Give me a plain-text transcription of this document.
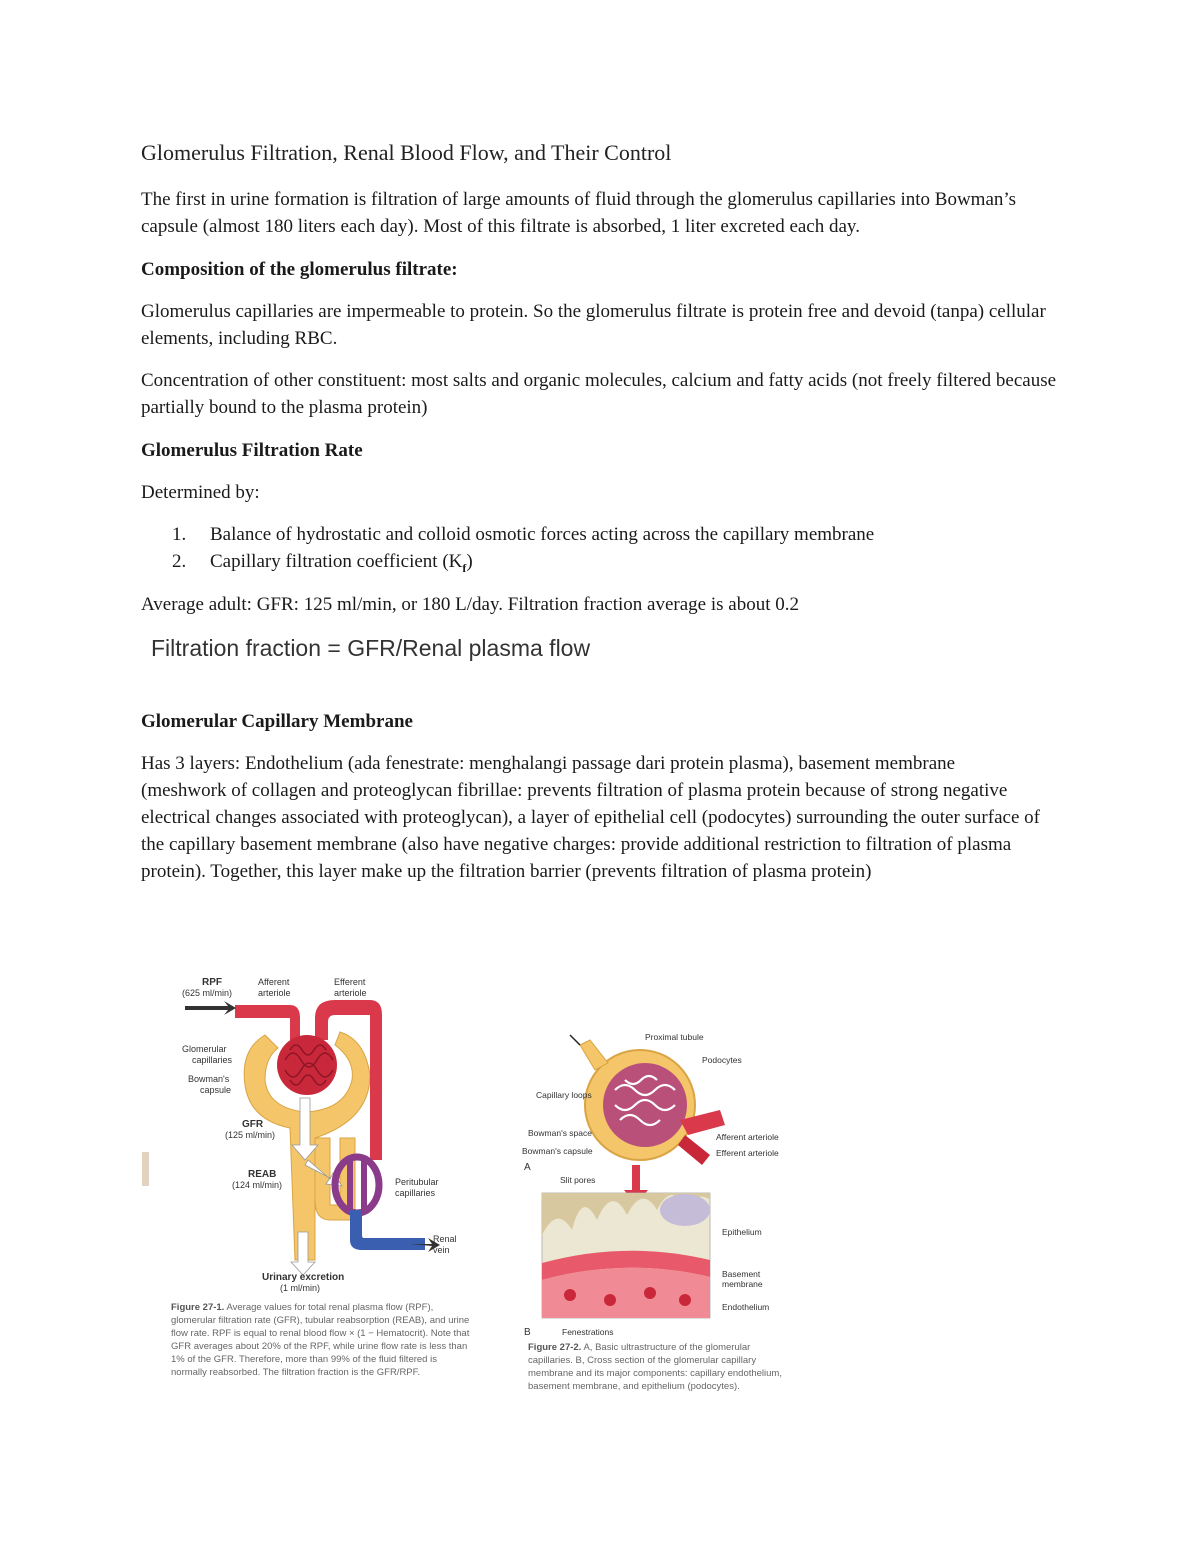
Glomerulus Filtration, Renal Blood Flow, and Their Control

The first in urine formation is filtration of large amounts of fluid through the glomerulus capillaries into Bowman’s capsule (almost 180 liters each day). Most of this filtrate is absorbed, 1 liter excreted each day.

Composition of the glomerulus filtrate:
Glomerulus capillaries are impermeable to protein. So the glomerulus filtrate is protein free and devoid (tanpa) cellular elements, including RBC.
Concentration of other constituent: most salts and organic molecules, calcium and fatty acids (not freely filtered because partially bound to the plasma protein)
Glomerulus Filtration Rate
Determined by:
1. Balance of hydrostatic and colloid osmotic forces acting across the capillary membrane
2. Capillary filtration coefficient $(K_f)$
Average adult: GFR: 125 ml/min, or 180 L/day. Filtration fraction average is about 0.2
Filtration fraction = GFR/Renal plasma flow
Glomerular Capillary Membrane
Has 3 layers: Endothelium (ada fenestrate: menghalangi passage dari protein plasma), basement membrane (meshwork of collagen and proteoglycan fibrillae: prevents filtration of plasma protein because of strong negative electrical changes associated with proteoglycan), a layer of epithelial cell (podocytes) surrounding the outer surface of the capillary basement membrane (also have negative charges: provide additional restriction to filtration of plasma protein). Together, this layer make up the filtration barrier (prevents filtration of plasma protein)
RPF
(625 ml/min)
Afferent
arteriole
Efferent
arteriole
Glomerular
capillaries
Bowman's
capsule
GFR
(125 ml/min)
REAB
(124 ml/min)	Peritubular
capillaries
Renal
vein
Urinary excretion
(1 ml/min)
Figure 27-1. Average values for total renal plasma flow (RPF), glomerular filtration rate (GFR), tubular reabsorption (REAB), and urine flow rate. RPF is equal to renal blood flow × (1 − Hematocrit). Note that GFR averages about 20% of the RPF, while urine flow rate is less than 1% of the GFR. Therefore, more than 99% of the fluid filtered is normally reabsorbed. The filtration fraction is the GFR/RPF.
Proximal tubule
Podocytes
Capillary loops
Bowman's space
Bowman's capsule
Afferent arteriole
Efferent arteriole
A
Slit pores
Epithelium
Basement
membrane
Endothelium
B	Fenestrations
Figure 27-2. A, Basic ultrastructure of the glomerular capillaries. B, Cross section of the glomerular capillary membrane and its major components: capillary endothelium, basement membrane, and epithelium (podocytes).
